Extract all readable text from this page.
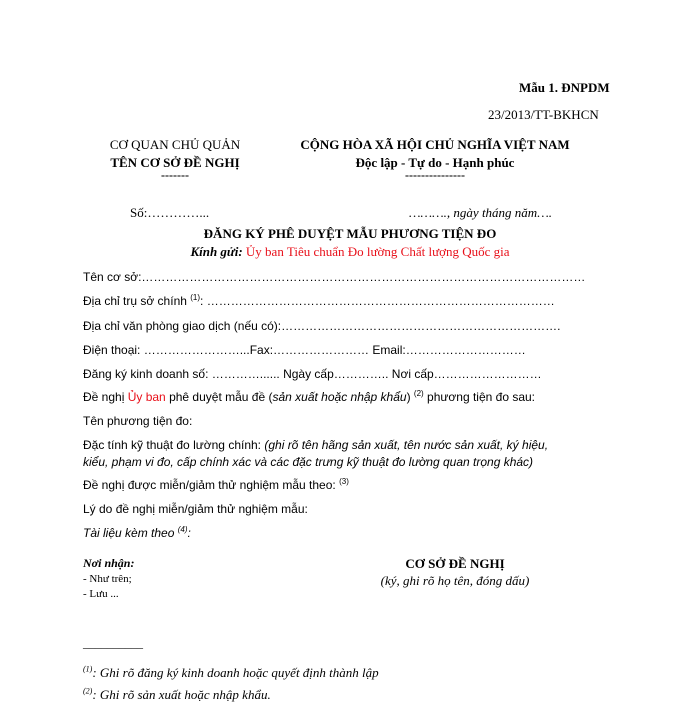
Mẫu 1. ĐNPDM
23/2013/TT-BKHCN
CƠ QUAN CHỦ QUẢN
TÊN CƠ SỞ ĐỀ NGHỊ
-------
CỘNG HÒA XÃ HỘI CHỦ NGHĨA VIỆT NAM
Độc lập - Tự do - Hạnh phúc
---------------
Số:…………...	………., ngày tháng năm….
ĐĂNG KÝ PHÊ DUYỆT MẪU PHƯƠNG TIỆN ĐO
Kính gửi: Ủy ban Tiêu chuẩn Đo lường Chất lượng Quốc gia
Tên cơ sở:…………………………………………………………………………………………………
Địa chỉ trụ sở chính $^{(1)}$: ……………………………………………………………………………
Địa chỉ văn phòng giao dịch (nếu có):…………………………………………………………….
Điện thoại: ……………………...Fax:…………………… Email:…………………………
Đăng ký kinh doanh số: …………...... Ngày cấp………….. Nơi cấp………………………
Đề nghị Ủy ban phê duyệt mẫu đề (sản xuất hoặc nhập khẩu) $^{(2)}$ phương tiện đo sau:
Tên phương tiện đo:
Đặc tính kỹ thuật đo lường chính: (ghi rõ tên hãng sản xuất, tên nước sản xuất, ký hiệu,
kiểu, phạm vi đo, cấp chính xác và các đặc trưng kỹ thuật đo lường quan trọng khác)
Đề nghị được miễn/giảm thử nghiệm mẫu theo: $^{(3)}$
Lý do đề nghị miễn/giảm thử nghiệm mẫu:
Tài liệu kèm theo $^{(4)}$:
Nơi nhận:
- Như trên;
- Lưu ...
CƠ SỞ ĐỀ NGHỊ
(ký, ghi rõ họ tên, đóng dấu)
__________
$^{(1)}$: Ghi rõ đăng ký kinh doanh hoặc quyết định thành lập
$^{(2)}$: Ghi rõ sản xuất hoặc nhập khẩu.
